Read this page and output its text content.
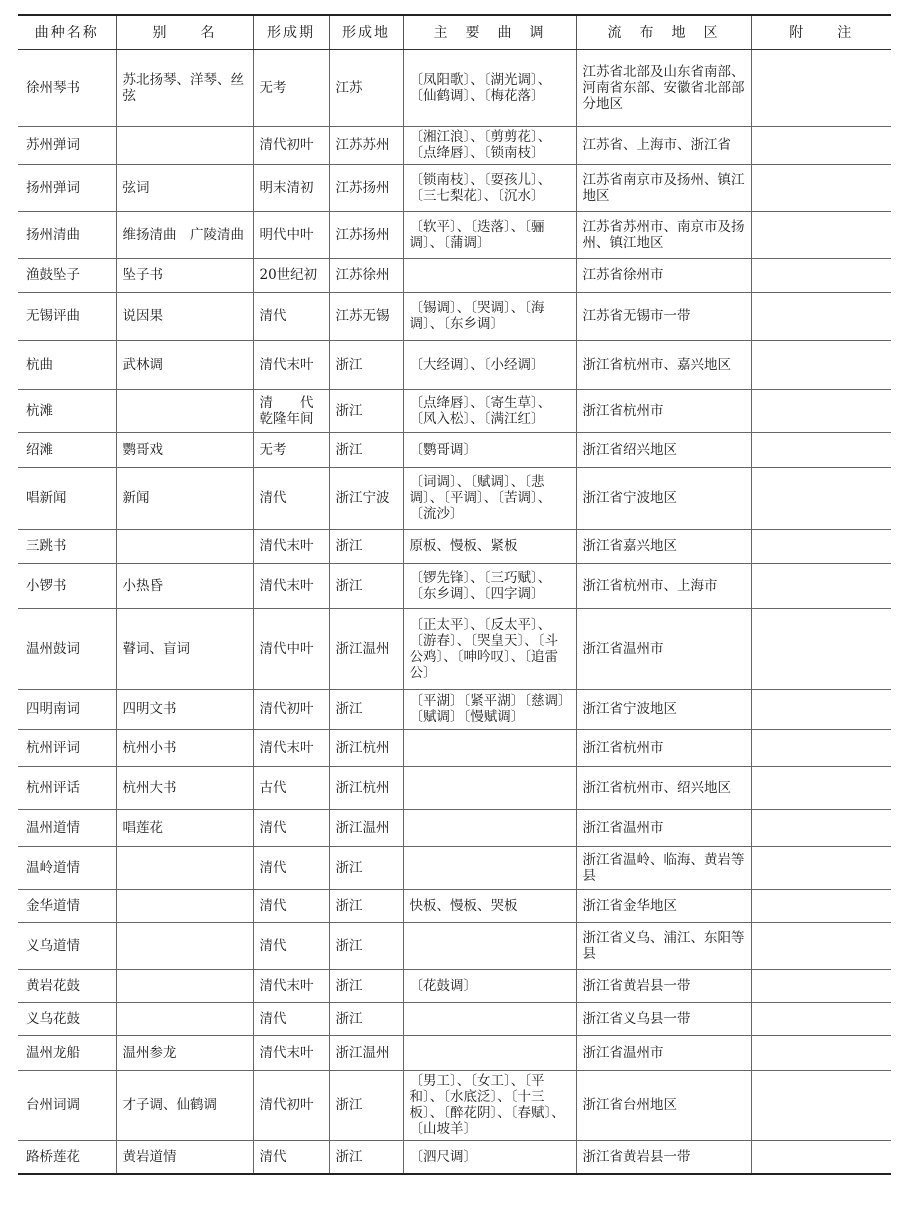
曲种名称	别　　名	形成期	形成地	主　要　曲　调	流　布　地　区	附　　注
徐州琴书	苏北扬琴、洋琴、丝弦	无考	江苏	〔凤阳歌〕、〔湖光调〕、〔仙鹤调〕、〔梅花落〕	江苏省北部及山东省南部、河南省东部、安徽省北部部分地区	
苏州弹词		清代初叶	江苏苏州	〔湘江浪〕、〔剪剪花〕、〔点绛唇〕、〔锁南枝〕	江苏省、上海市、浙江省	
扬州弹词	弦词	明末清初	江苏扬州	〔锁南枝〕、〔耍孩儿〕、〔三七梨花〕、〔沉水〕	江苏省南京市及扬州、镇江地区	
扬州清曲	维扬清曲　广陵清曲	明代中叶	江苏扬州	〔软平〕、〔迭落〕、〔骊调〕、〔蒲调〕	江苏省苏州市、南京市及扬州、镇江地区	
渔鼓坠子	坠子书	20世纪初	江苏徐州		江苏省徐州市	
无锡评曲	说因果	清代	江苏无锡	〔锡调〕、〔哭调〕、〔海调〕、〔东乡调〕	江苏省无锡市一带	
杭曲	武林调	清代末叶	浙江	〔大经调〕、〔小经调〕	浙江省杭州市、嘉兴地区	
杭滩		清　　代乾隆年间	浙江	〔点绛唇〕、〔寄生草〕、〔风入松〕、〔满江红〕	浙江省杭州市	
绍滩	鹦哥戏	无考	浙江	〔鹦哥调〕	浙江省绍兴地区	
唱新闻	新闻	清代	浙江宁波	〔词调〕、〔赋调〕、〔悲调〕、〔平调〕、〔苦调〕、〔流沙〕	浙江省宁波地区	
三跳书		清代末叶	浙江	原板、慢板、紧板	浙江省嘉兴地区	
小锣书	小热昏	清代末叶	浙江	〔锣先锋〕、〔三巧赋〕、〔东乡调〕、〔四字调〕	浙江省杭州市、上海市	
温州鼓词	瞽词、盲词	清代中叶	浙江温州	〔正太平〕、〔反太平〕、〔游春〕、〔哭皇天〕、〔斗公鸡〕、〔呻吟叹〕、〔追雷公〕	浙江省温州市	
四明南词	四明文书	清代初叶	浙江	〔平湖〕〔紧平湖〕〔慈调〕〔赋调〕〔慢赋调〕	浙江省宁波地区	
杭州评词	杭州小书	清代末叶	浙江杭州		浙江省杭州市	
杭州评话	杭州大书	古代	浙江杭州		浙江省杭州市、绍兴地区	
温州道情	唱莲花	清代	浙江温州		浙江省温州市	
温岭道情		清代	浙江		浙江省温岭、临海、黄岩等县	
金华道情		清代	浙江	快板、慢板、哭板	浙江省金华地区	
义乌道情		清代	浙江		浙江省义乌、浦江、东阳等县	
黄岩花鼓		清代末叶	浙江	〔花鼓调〕	浙江省黄岩县一带	
义乌花鼓		清代	浙江		浙江省义乌县一带	
温州龙船	温州参龙	清代末叶	浙江温州		浙江省温州市	
台州词调	才子调、仙鹤调	清代初叶	浙江	〔男工〕、〔女工〕、〔平和〕、〔水底泛〕、〔十三板〕、〔醉花阴〕、〔春赋〕、〔山坡羊〕	浙江省台州地区	
路桥莲花	黄岩道情	清代	浙江	〔泗尺调〕	浙江省黄岩县一带	
